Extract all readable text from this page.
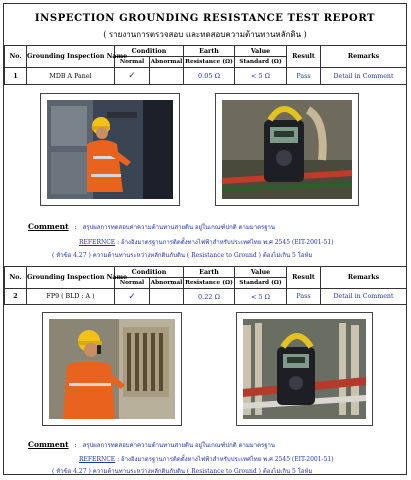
INSPECTION GROUNDING RESISTANCE TEST REPORT
( รายงานการตรวจสอบ และทดสอบความต้านทานหลักดิน )
No.	Grounding Inspection Name	Condition		Earth	Value	Result	Remarks
		Normal	Abnormal	Resistance (Ω)	Standard (Ω)		
1	MDB A Panel	✓		0.05 Ω	< 5 Ω	Pass	Detail in Comment
Comment : สรุปผลการทดสอบค่าความต้านทานสายดิน อยู่ในเกณฑ์ปกติ ตามมาตรฐาน
REFERNCE : อ้างอิงมาตรฐานการติดตั้งทางไฟฟ้าสำหรับประเทศไทย พ.ศ 2545 (EIT-2001-51)
( หัวข้อ 4.27 ) ความต้านทานระหว่างหลักดินกับดิน ( Resistance to Ground ) ต้องไม่เกิน 5 โอห์ม
No.	Grounding Inspection Name	Condition		Earth	Value	Result	Remarks
		Normal	Abnormal	Resistance (Ω)	Standard (Ω)		
2	FP9 ( BLD : A )	✓		0.22 Ω	< 5 Ω	Pass	Detail in Comment
Comment : สรุปผลการทดสอบค่าความต้านทานสายดิน อยู่ในเกณฑ์ปกติ ตามมาตรฐาน
REFERNCE : อ้างอิงมาตรฐานการติดตั้งทางไฟฟ้าสำหรับประเทศไทย พ.ศ 2545 (EIT-2001-51)
( หัวข้อ 4.27 ) ความต้านทานระหว่างหลักดินกับดิน ( Resistance to Ground ) ต้องไม่เกิน 5 โอห์ม
